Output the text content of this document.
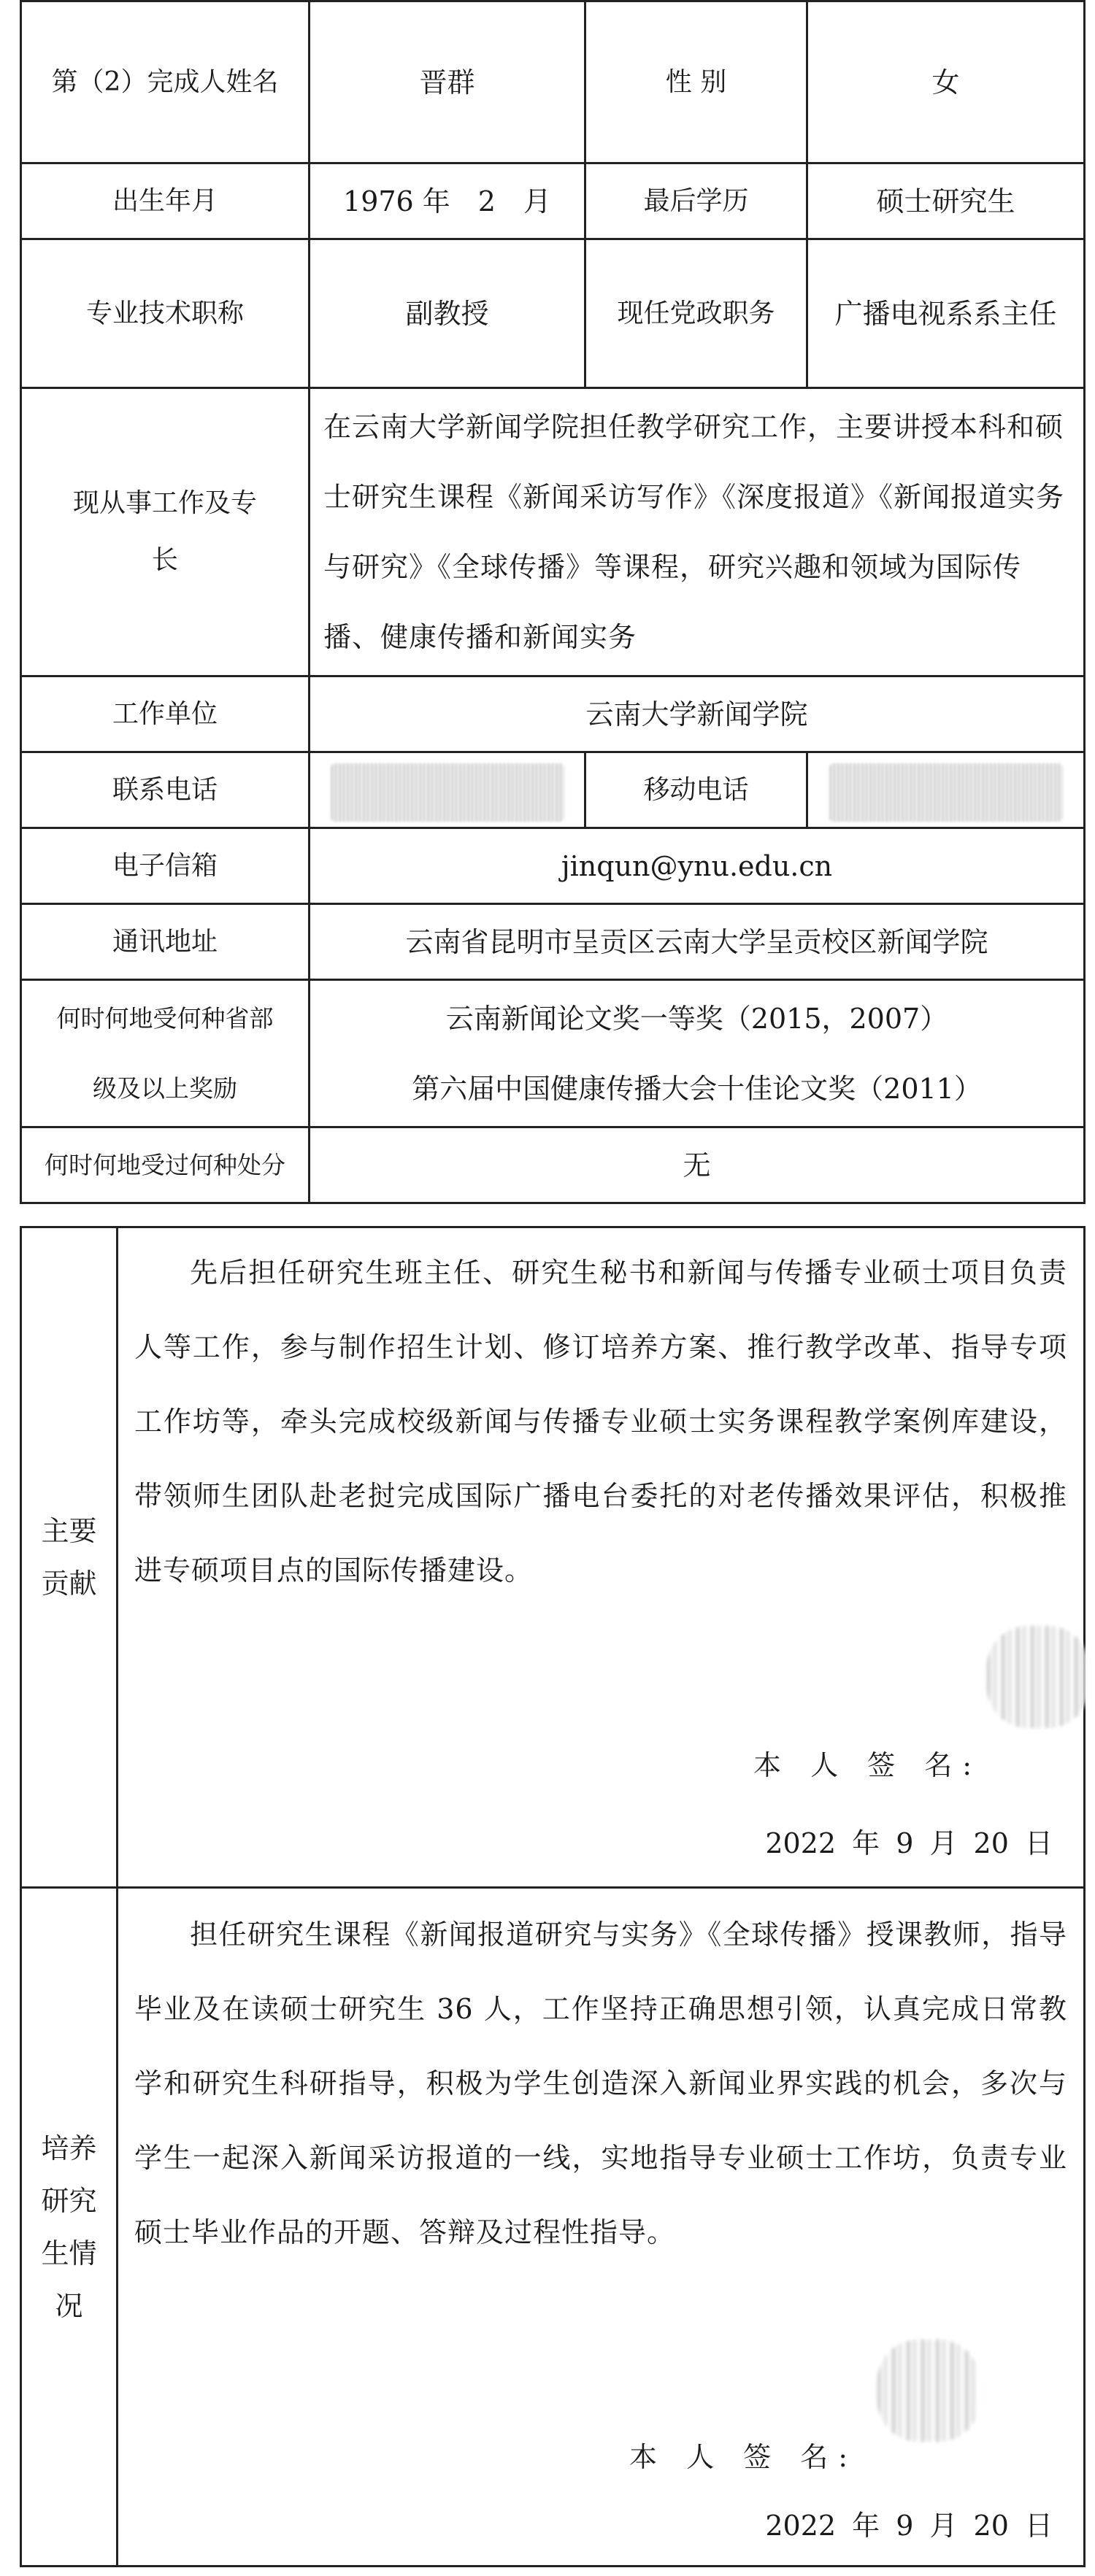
第（2）完成人姓名	晋群	性 别	女
出生年月	1976 年　2　月	最后学历	硕士研究生
专业技术职称	副教授	现任党政职务	广播电视系系主任
现从事工作及专长	在云南大学新闻学院担任教学研究工作，主要讲授本科和硕士研究生课程《新闻采访写作》《深度报道》《新闻报道实务与研究》《全球传播》等课程，研究兴趣和领域为国际传播、健康传播和新闻实务		
工作单位	云南大学新闻学院		
联系电话		移动电话	
电子信箱	jinqun@ynu.edu.cn		
通讯地址	云南省昆明市呈贡区云南大学呈贡校区新闻学院		
何时何地受何种省部级及以上奖励	云南新闻论文奖一等奖（2015，2007）
第六届中国健康传播大会十佳论文奖（2011）		

何时何地受过何种处分	无		
主要贡献	先后担任研究生班主任、研究生秘书和新闻与传播专业硕士项目负责人等工作，参与制作招生计划、修订培养方案、推行教学改革、指导专项工作坊等，牵头完成校级新闻与传播专业硕士实务课程教学案例库建设， 带领师生团队赴老挝完成国际广播电台委托的对老传播效果评估，积极推进专硕项目点的国际传播建设。
本 人 签 名:
2022 年 9 月 20 日

培养研究生情况	担任研究生课程《新闻报道研究与实务》《全球传播》授课教师，指导毕业及在读硕士研究生 36 人，工作坚持正确思想引领，认真完成日常教学和研究生科研指导，积极为学生创造深入新闻业界实践的机会，多次与学生一起深入新闻采访报道的一线，实地指导专业硕士工作坊，负责专业硕士毕业作品的开题、答辩及过程性指导。
本 人 签 名:
2022 年 9 月 20 日
